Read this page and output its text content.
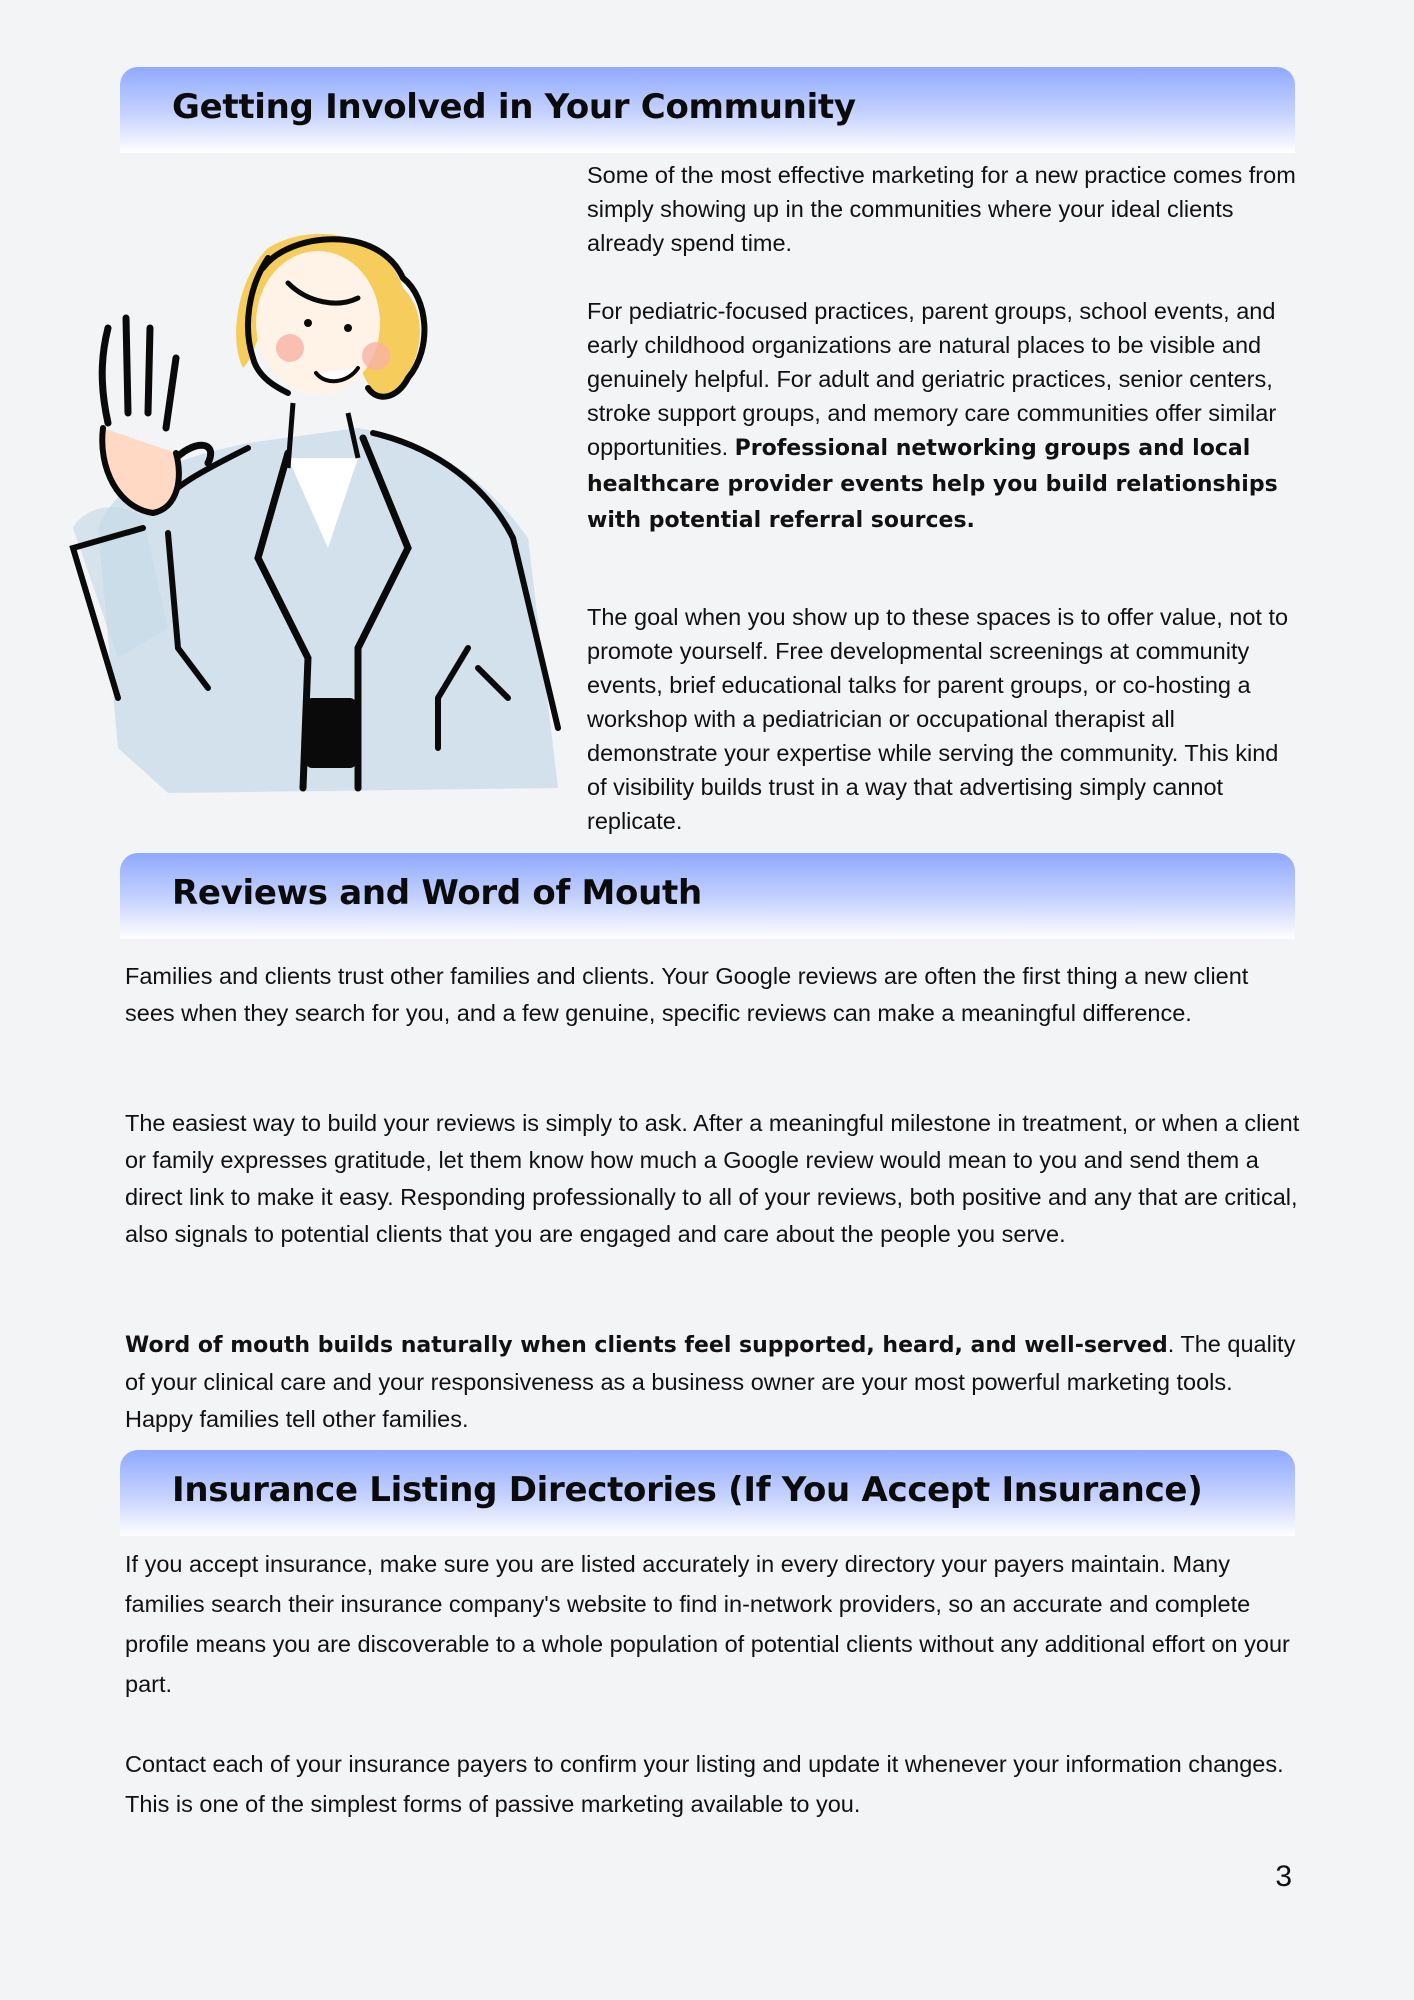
Getting Involved in Your Community

Some of the most effective marketing for a new practice comes from simply showing up in the communities where your ideal clients already spend time.

For pediatric-focused practices, parent groups, school events, and early childhood organizations are natural places to be visible and genuinely helpful. For adult and geriatric practices, senior centers, stroke support groups, and memory care communities offer similar opportunities. Professional networking groups and local healthcare provider events help you build relationships with potential referral sources.

The goal when you show up to these spaces is to offer value, not to promote yourself. Free developmental screenings at community events, brief educational talks for parent groups, or co-hosting a workshop with a pediatrician or occupational therapist all demonstrate your expertise while serving the community. This kind of visibility builds trust in a way that advertising simply cannot replicate.

Reviews and Word of Mouth

Families and clients trust other families and clients. Your Google reviews are often the first thing a new client sees when they search for you, and a few genuine, specific reviews can make a meaningful difference.

The easiest way to build your reviews is simply to ask. After a meaningful milestone in treatment, or when a client or family expresses gratitude, let them know how much a Google review would mean to you and send them a direct link to make it easy. Responding professionally to all of your reviews, both positive and any that are critical, also signals to potential clients that you are engaged and care about the people you serve.

Word of mouth builds naturally when clients feel supported, heard, and well-served. The quality of your clinical care and your responsiveness as a business owner are your most powerful marketing tools. Happy families tell other families.

Insurance Listing Directories (If You Accept Insurance)

If you accept insurance, make sure you are listed accurately in every directory your payers maintain. Many families search their insurance company's website to find in-network providers, so an accurate and complete profile means you are discoverable to a whole population of potential clients without any additional effort on your part.

Contact each of your insurance payers to confirm your listing and update it whenever your information changes. This is one of the simplest forms of passive marketing available to you.

3
